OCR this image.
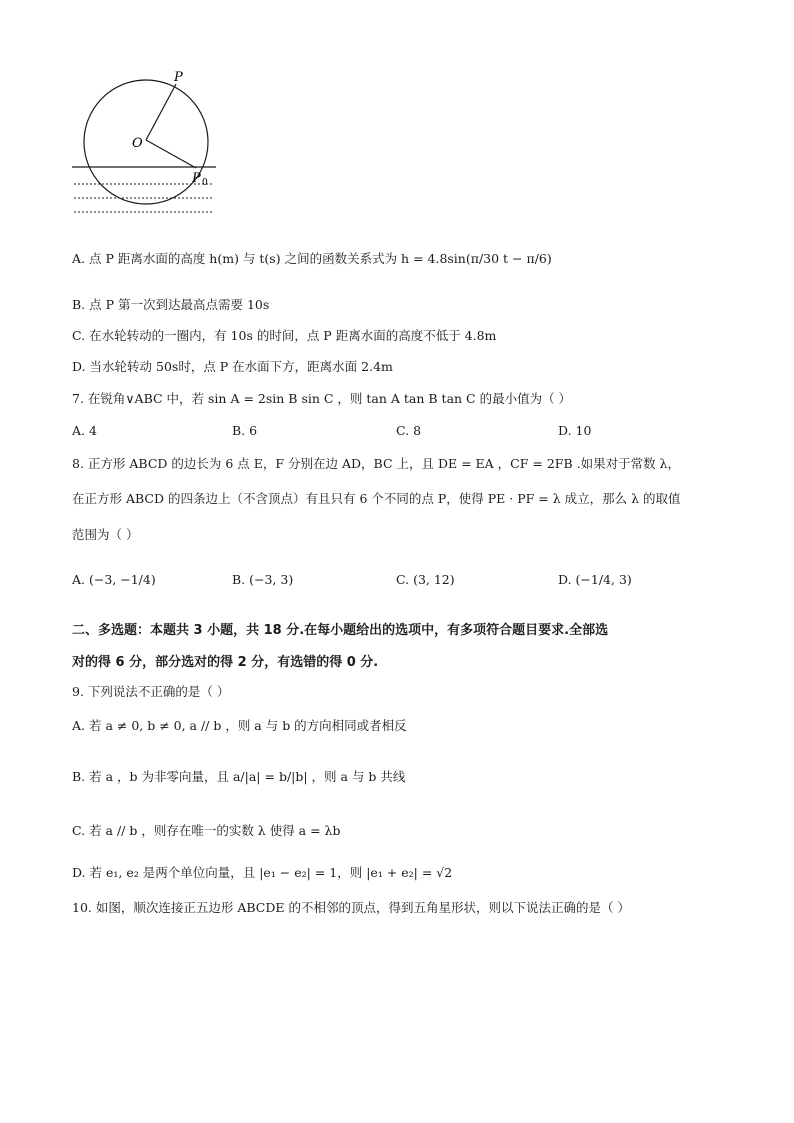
P
O
P 0
A. 点 P 距离水面的高度 h(m) 与 t(s) 之间的函数关系式为 h = 4.8sin(π/30 t − π/6)
B. 点 P 第一次到达最高点需要 10s
C. 在水轮转动的一圈内，有 10s 的时间，点 P 距离水面的高度不低于 4.8m
D. 当水轮转动 50s时，点 P 在水面下方，距离水面 2.4m
7. 在锐角∨ABC 中，若 sin A = 2sin B sin C ，则 tan A tan B tan C 的最小值为（ ）
A. 4	B. 6	C. 8	D. 10
8. 正方形 ABCD 的边长为 6 点 E，F 分别在边 AD，BC 上，且 DE = EA ，CF = 2FB .如果对于常数 λ，
在正方形 ABCD 的四条边上（不含顶点）有且只有 6 个不同的点 P，使得 PE · PF = λ 成立，那么 λ 的取值
范围为（ ）
A. (−3, −1/4)	B. (−3, 3)	C. (3, 12)	D. (−1/4, 3)
二、多选题：本题共 3 小题，共 18 分.在每小题给出的选项中，有多项符合题目要求.全部选
对的得 6 分，部分选对的得 2 分，有选错的得 0 分.
9. 下列说法不正确的是（ ）
A. 若 a ≠ 0, b ≠ 0, a // b ，则 a 与 b 的方向相同或者相反
B. 若 a ，b 为非零向量，且 a/|a| = b/|b| ，则 a 与 b 共线
C. 若 a // b ，则存在唯一的实数 λ 使得 a = λb
D. 若 e₁, e₂ 是两个单位向量，且 |e₁ − e₂| = 1，则 |e₁ + e₂| = √2
10. 如图，顺次连接正五边形 ABCDE 的不相邻的顶点，得到五角星形状，则以下说法正确的是（ ）
